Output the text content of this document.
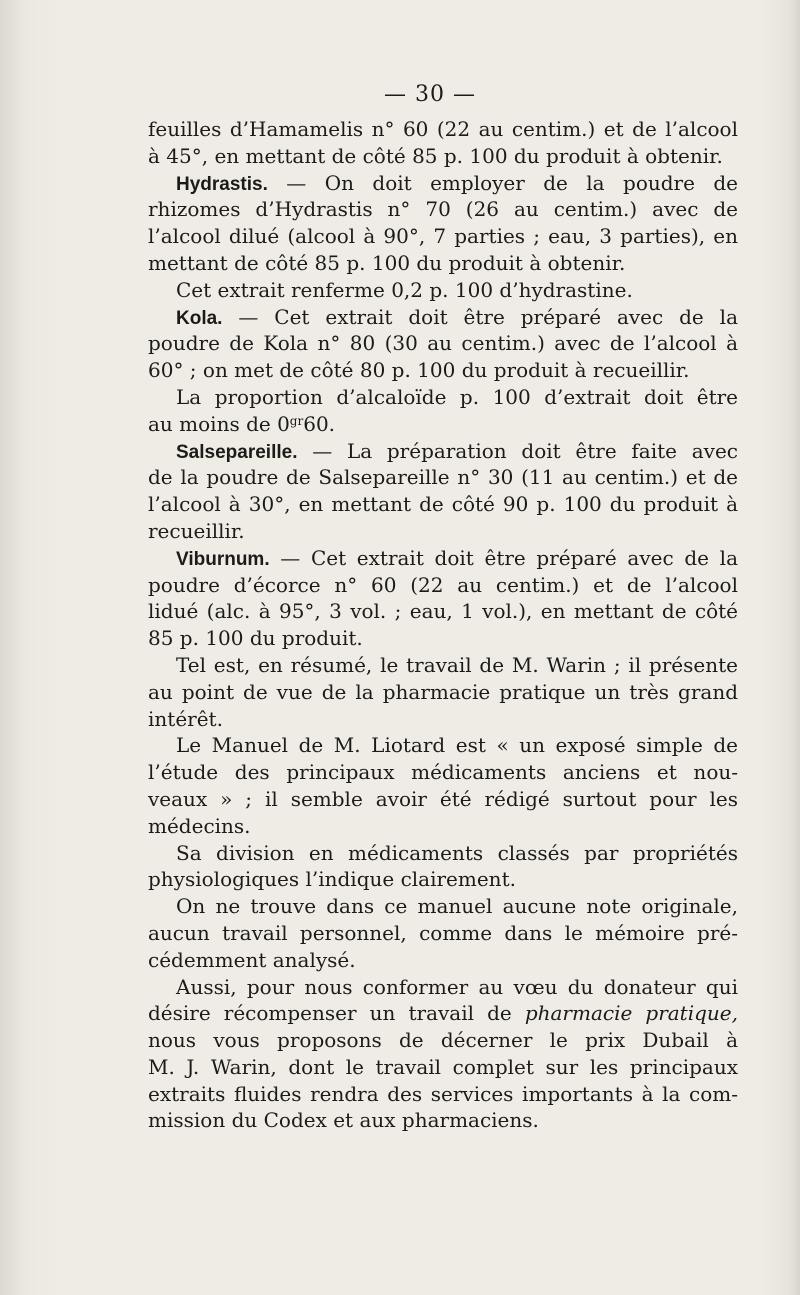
— 30 —
feuilles d’Hamamelis n° 60 (22 au centim.) et de l’alcool
à 45°, en mettant de côté 85 p. 100 du produit à obtenir.
Hydrastis. — On doit employer de la poudre de
rhizomes d’Hydrastis n° 70 (26 au centim.) avec de
l’alcool dilué (alcool à 90°, 7 parties ; eau, 3 parties), en
mettant de côté 85 p. 100 du produit à obtenir.
Cet extrait renferme 0,2 p. 100 d’hydrastine.
Kola. — Cet extrait doit être préparé avec de la
poudre de Kola n° 80 (30 au centim.) avec de l’alcool à
60° ; on met de côté 80 p. 100 du produit à recueillir.
La proportion d’alcaloïde p. 100 d’extrait doit être
au moins de $0^{gr}60$.
Salsepareille. — La préparation doit être faite avec
de la poudre de Salsepareille n° 30 (11 au centim.) et de
l’alcool à 30°, en mettant de côté 90 p. 100 du produit à
recueillir.
Viburnum. — Cet extrait doit être préparé avec de la
poudre d’écorce n° 60 (22 au centim.) et de l’alcool
lidué (alc. à 95°, 3 vol. ; eau, 1 vol.), en mettant de côté
85 p. 100 du produit.
Tel est, en résumé, le travail de M. Warin ; il présente
au point de vue de la pharmacie pratique un très grand
intérêt.
Le Manuel de M. Liotard est « un exposé simple de
l’étude des principaux médicaments anciens et nou-
veaux » ; il semble avoir été rédigé surtout pour les
médecins.
Sa division en médicaments classés par propriétés
physiologiques l’indique clairement.
On ne trouve dans ce manuel aucune note originale,
aucun travail personnel, comme dans le mémoire pré-
cédemment analysé.
Aussi, pour nous conformer au vœu du donateur qui
désire récompenser un travail de pharmacie pratique,
nous vous proposons de décerner le prix Dubail à
M. J. Warin, dont le travail complet sur les principaux
extraits fluides rendra des services importants à la com-
mission du Codex et aux pharmaciens.
